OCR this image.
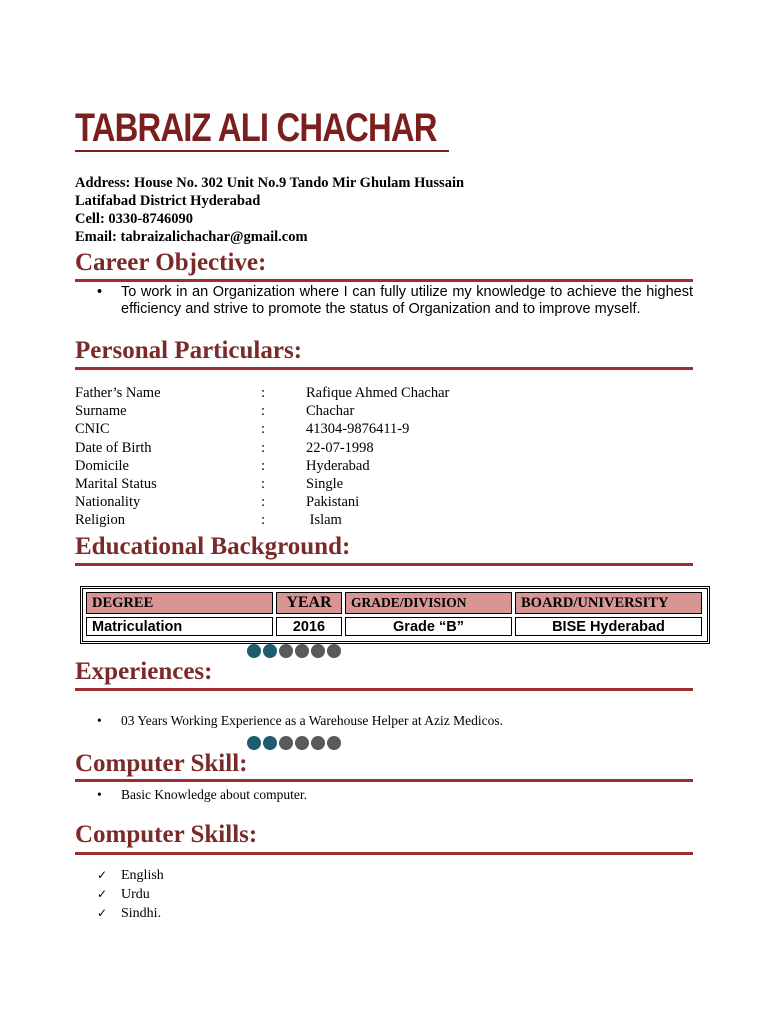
TABRAIZ ALI CHACHAR
Address: House No. 302 Unit No.9 Tando Mir Ghulam Hussain
Latifabad District Hyderabad
Cell: 0330-8746090
Email: tabraizalichachar@gmail.com
Career Objective:
• To work in an Organization where I can fully utilize my knowledge to achieve the highest efficiency and strive to promote the status of Organization and to improve myself.
Personal Particulars:
Father’s Name	:	Rafique Ahmed Chachar
Surname	:	Chachar
CNIC	:	41304-9876411-9
Date of Birth	:	22-07-1998
Domicile	:	Hyderabad
Marital Status	:	Single
Nationality	:	Pakistani
Religion	:	Islam
Educational Background:
DEGREE	YEAR	GRADE/DIVISION	BOARD/UNIVERSITY
Matriculation	2016	Grade “B”	BISE Hyderabad
Experiences:
• 03 Years Working Experience as a Warehouse Helper at Aziz Medicos.
Computer Skill:
• Basic Knowledge about computer.
Computer Skills:
✓ English
✓ Urdu
✓ Sindhi.
